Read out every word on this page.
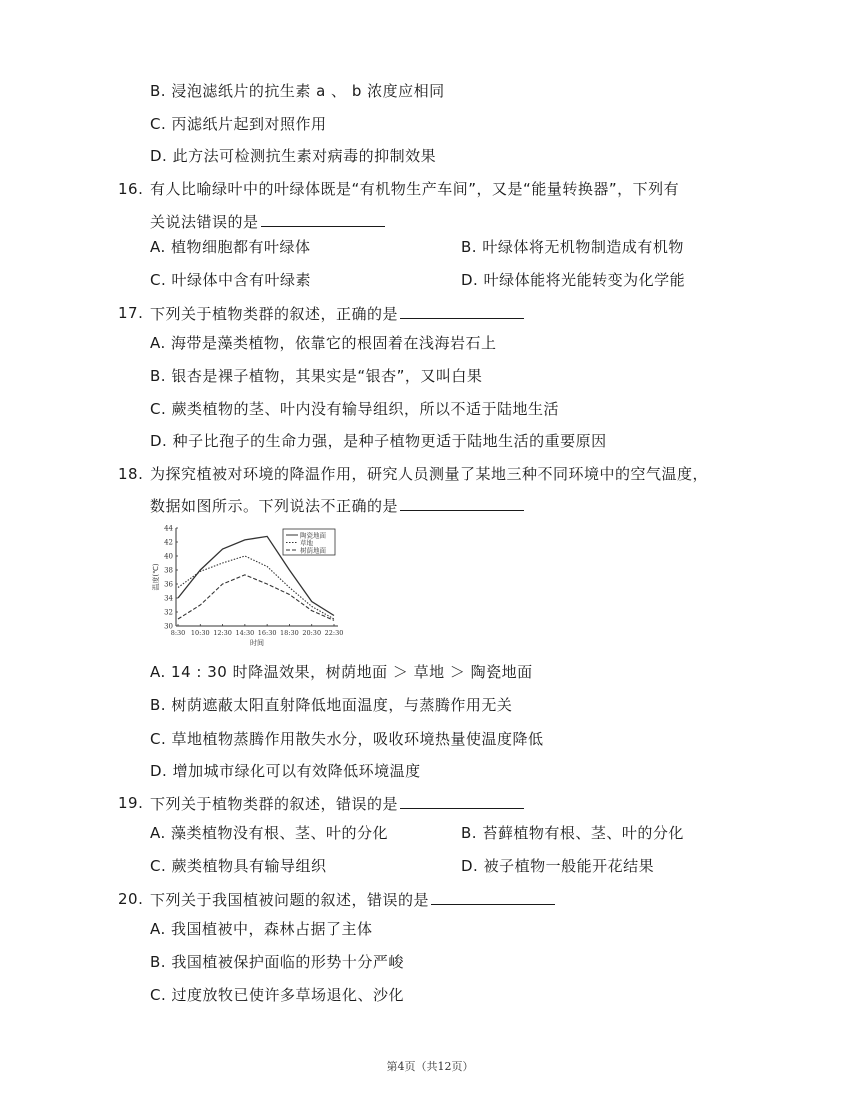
B. 浸泡滤纸片的抗生素 a 、 b 浓度应相同
C. 丙滤纸片起到对照作用
D. 此方法可检测抗生素对病毒的抑制效果
16. 有人比喻绿叶中的叶绿体既是“有机物生产车间”，又是“能量转换器”，下列有
关说法错误的是
A. 植物细胞都有叶绿体	B. 叶绿体将无机物制造成有机物
C. 叶绿体中含有叶绿素	D. 叶绿体能将光能转变为化学能
17. 下列关于植物类群的叙述，正确的是
A. 海带是藻类植物，依靠它的根固着在浅海岩石上
B. 银杏是裸子植物，其果实是“银杏”，又叫白果
C. 蕨类植物的茎、叶内没有输导组织，所以不适于陆地生活
D. 种子比孢子的生命力强，是种子植物更适于陆地生活的重要原因
18. 为探究植被对环境的降温作用，研究人员测量了某地三种不同环境中的空气温度，
数据如图所示。下列说法不正确的是
44
42
40
38
36
34
32
30
8:30 10:30 12:30 14:30 16:30 18:30 20:30 22:30
时间
温度(℃)
陶瓷地面
草地
树荫地面
A. 14 : 30 时降温效果，树荫地面 ＞ 草地 ＞ 陶瓷地面
B. 树荫遮蔽太阳直射降低地面温度，与蒸腾作用无关
C. 草地植物蒸腾作用散失水分，吸收环境热量使温度降低
D. 增加城市绿化可以有效降低环境温度
19. 下列关于植物类群的叙述，错误的是
A. 藻类植物没有根、茎、叶的分化	B. 苔藓植物有根、茎、叶的分化
C. 蕨类植物具有输导组织	D. 被子植物一般能开花结果
20. 下列关于我国植被问题的叙述，错误的是
A. 我国植被中，森林占据了主体
B. 我国植被保护面临的形势十分严峻
C. 过度放牧已使许多草场退化、沙化
第4页（共12页）
